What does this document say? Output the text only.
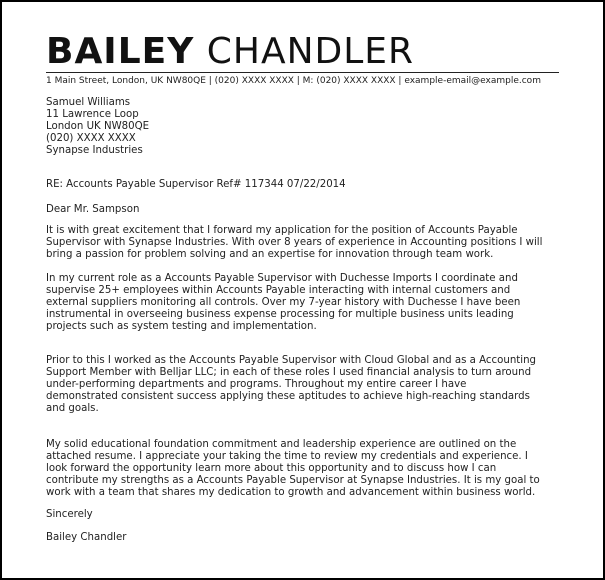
BAILEY CHANDLER
1 Main Street, London, UK NW80QE | (020) XXXX XXXX | M: (020) XXXX XXXX | example-email@example.com
Samuel Williams
11 Lawrence Loop
London UK NW80QE
(020) XXXX XXXX
Synapse Industries
RE: Accounts Payable Supervisor Ref# 117344 07/22/2014
Dear Mr. Sampson
It is with great excitement that I forward my application for the position of Accounts Payable
Supervisor with Synapse Industries. With over 8 years of experience in Accounting positions I will
bring a passion for problem solving and an expertise for innovation through team work.
In my current role as a Accounts Payable Supervisor with Duchesse Imports I coordinate and
supervise 25+ employees within Accounts Payable interacting with internal customers and
external suppliers monitoring all controls. Over my 7-year history with Duchesse I have been
instrumental in overseeing business expense processing for multiple business units leading
projects such as system testing and implementation.
Prior to this I worked as the Accounts Payable Supervisor with Cloud Global and as a Accounting
Support Member with Belljar LLC; in each of these roles I used financial analysis to turn around
under-performing departments and programs. Throughout my entire career I have
demonstrated consistent success applying these aptitudes to achieve high-reaching standards
and goals.
My solid educational foundation commitment and leadership experience are outlined on the
attached resume. I appreciate your taking the time to review my credentials and experience. I
look forward the opportunity learn more about this opportunity and to discuss how I can
contribute my strengths as a Accounts Payable Supervisor at Synapse Industries. It is my goal to
work with a team that shares my dedication to growth and advancement within business world.
Sincerely
Bailey Chandler
